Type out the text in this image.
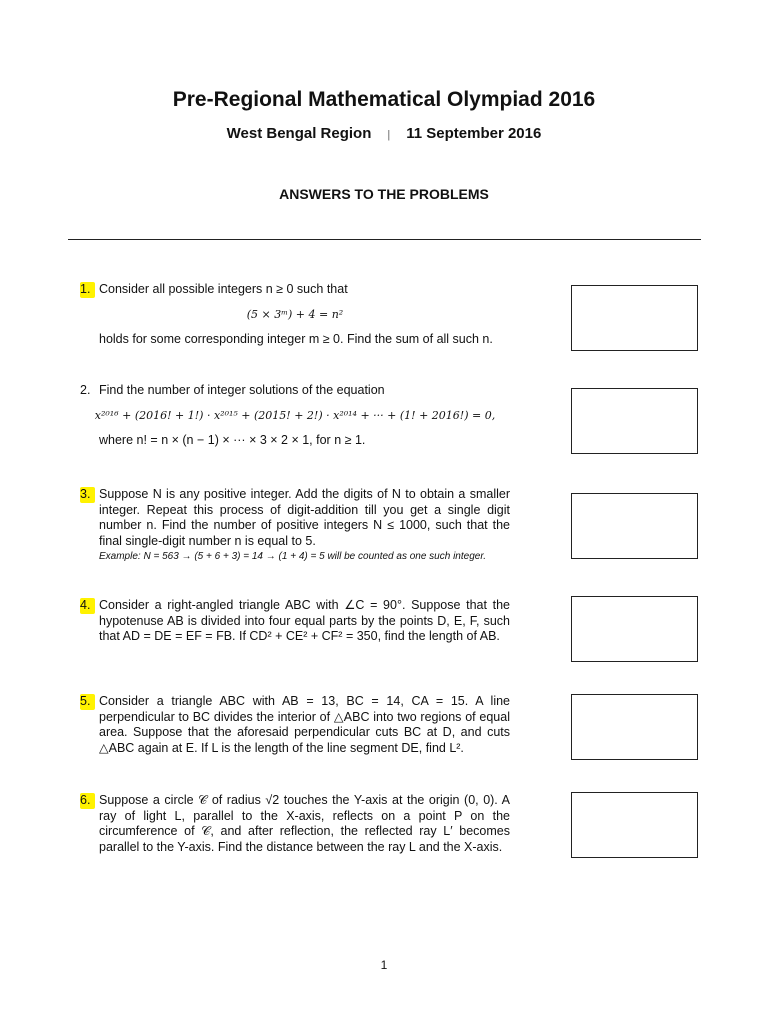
Pre-Regional Mathematical Olympiad 2016
West Bengal Region | 11 September 2016
ANSWERS TO THE PROBLEMS
1. Consider all possible integers n ≥ 0 such that
(5 × 3ᵐ) + 4 = n²
holds for some corresponding integer m ≥ 0. Find the sum of all such n.
2. Find the number of integer solutions of the equation
x²⁰¹⁶ + (2016! + 1!) · x²⁰¹⁵ + (2015! + 2!) · x²⁰¹⁴ + ··· + (1! + 2016!) = 0,
where n! = n × (n − 1) × ··· × 3 × 2 × 1, for n ≥ 1.
3. Suppose N is any positive integer. Add the digits of N to obtain a smaller integer. Repeat this process of digit-addition till you get a single digit number n. Find the number of positive integers N ≤ 1000, such that the final single-digit number n is equal to 5.
Example: N = 563 → (5 + 6 + 3) = 14 → (1 + 4) = 5 will be counted as one such integer.
4. Consider a right-angled triangle ABC with ∠C = 90°. Suppose that the hypotenuse AB is divided into four equal parts by the points D, E, F, such that AD = DE = EF = FB. If CD² + CE² + CF² = 350, find the length of AB.
5. Consider a triangle ABC with AB = 13, BC = 14, CA = 15. A line perpendicular to BC divides the interior of △ABC into two regions of equal area. Suppose that the aforesaid perpendicular cuts BC at D, and cuts △ABC again at E. If L is the length of the line segment DE, find L².
6. Suppose a circle 𝒞 of radius √2 touches the Y-axis at the origin (0, 0). A ray of light L, parallel to the X-axis, reflects on a point P on the circumference of 𝒞, and after reflection, the reflected ray L′ becomes parallel to the Y-axis. Find the distance between the ray L and the X-axis.
1
